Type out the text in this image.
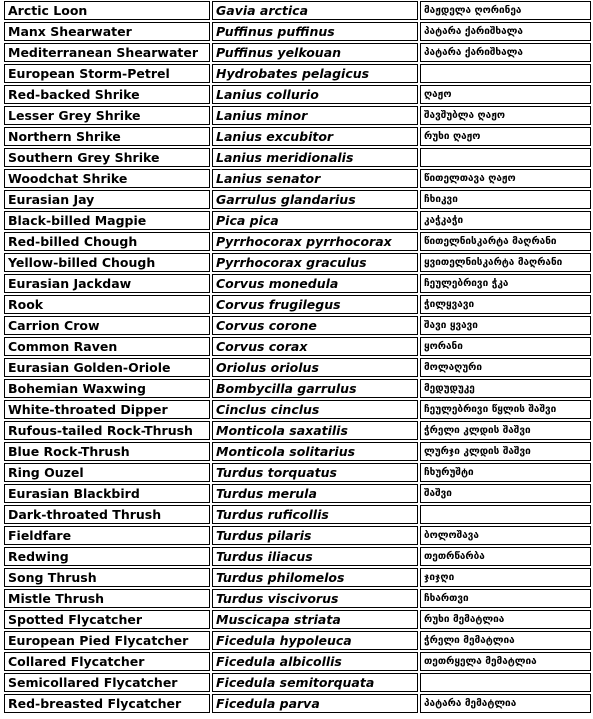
Arctic Loon	Gavia arctica	მაჟდელა ღორინეა
Manx Shearwater	Puffinus puffinus	პატარა ქარიშხალა
Mediterranean Shearwater	Puffinus yelkouan	პატარა ქარიშხალა
European Storm-Petrel	Hydrobates pelagicus	
Red-backed Shrike	Lanius collurio	ღაჟო
Lesser Grey Shrike	Lanius minor	შავშუბლა ღაჟო
Northern Shrike	Lanius excubitor	რუხი ღაჟო
Southern Grey Shrike	Lanius meridionalis	
Woodchat Shrike	Lanius senator	წითელთავა ღაჟო
Eurasian Jay	Garrulus glandarius	ჩხიკვი
Black-billed Magpie	Pica pica	კაჭკაჭი
Red-billed Chough	Pyrrhocorax pyrrhocorax	წითელნისკარტა მაღრანი
Yellow-billed Chough	Pyrrhocorax graculus	ყვითელნისკარტა მაღრანი
Eurasian Jackdaw	Corvus monedula	ჩეულებრივი ჭკა
Rook	Corvus frugilegus	ჭილყვავი
Carrion Crow	Corvus corone	შავი ყვავი
Common Raven	Corvus corax	ყორანი
Eurasian Golden-Oriole	Oriolus oriolus	მოლაღური
Bohemian Waxwing	Bombycilla garrulus	მედუდუკე
White-throated Dipper	Cinclus cinclus	ჩეულებრივი წყლის შაშვი
Rufous-tailed Rock-Thrush	Monticola saxatilis	ჭრელი კლდის შაშვი
Blue Rock-Thrush	Monticola solitarius	ლურჯი კლდის შაშვი
Ring Ouzel	Turdus torquatus	ჩხურუშტი
Eurasian Blackbird	Turdus merula	შაშვი
Dark-throated Thrush	Turdus ruficollis	
Fieldfare	Turdus pilaris	ბოლოშავა
Redwing	Turdus iliacus	თეთრწარბა
Song Thrush	Turdus philomelos	ჯიჯღი
Mistle Thrush	Turdus viscivorus	ჩხართვი
Spotted Flycatcher	Muscicapa striata	რუხი მემატლია
European Pied Flycatcher	Ficedula hypoleuca	ჭრელი მემატლია
Collared Flycatcher	Ficedula albicollis	თეთრყელა მემატლია
Semicollared Flycatcher	Ficedula semitorquata	
Red-breasted Flycatcher	Ficedula parva	პატარა მემატლია
